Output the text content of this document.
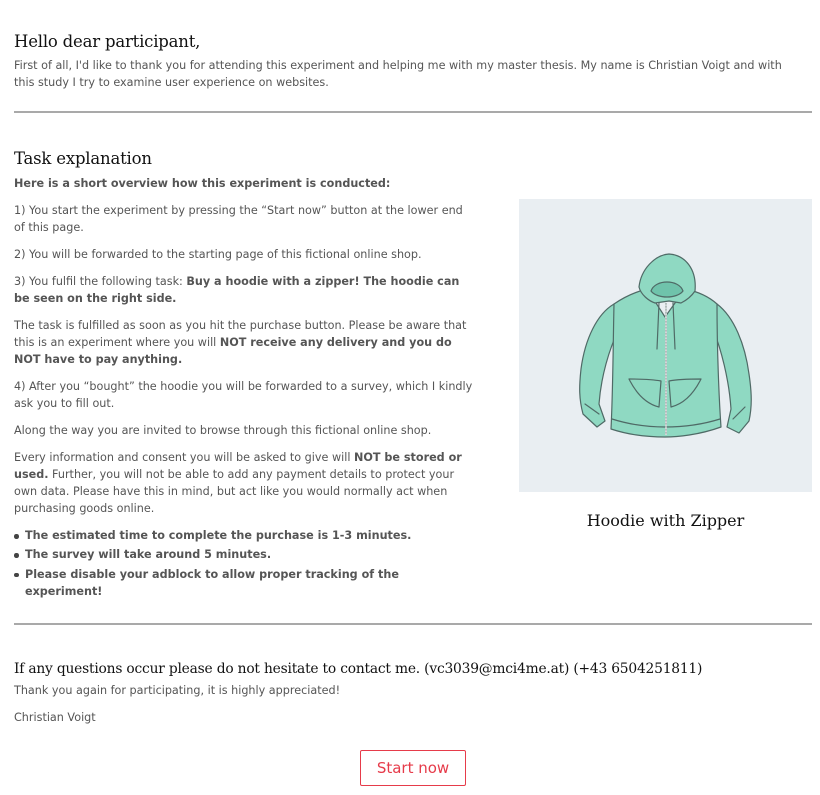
Hello dear participant,

First of all, I'd like to thank you for attending this experiment and helping me with my master thesis. My name is Christian Voigt and with this study I try to examine user experience on websites.

Task explanation

Here is a short overview how this experiment is conducted:

1) You start the experiment by pressing the “Start now” button at the lower end of this page.

2) You will be forwarded to the starting page of this fictional online shop.

3) You fulfil the following task: Buy a hoodie with a zipper! The hoodie can be seen on the right side.

The task is fulfilled as soon as you hit the purchase button. Please be aware that this is an experiment where you will NOT receive any delivery and you do NOT have to pay anything.

4) After you “bought” the hoodie you will be forwarded to a survey, which I kindly ask you to fill out.

Along the way you are invited to browse through this fictional online shop.

Every information and consent you will be asked to give will NOT be stored or used. Further, you will not be able to add any payment details to protect your own data. Please have this in mind, but act like you would normally act when purchasing goods online.

The estimated time to complete the purchase is 1-3 minutes.
The survey will take around 5 minutes.
Please disable your adblock to allow proper tracking of the experiment!
Hoodie with Zipper
If any questions occur please do not hesitate to contact me. (vc3039@mci4me.at) (+43 6504251811)

Thank you again for participating, it is highly appreciated!

Christian Voigt

Start now
